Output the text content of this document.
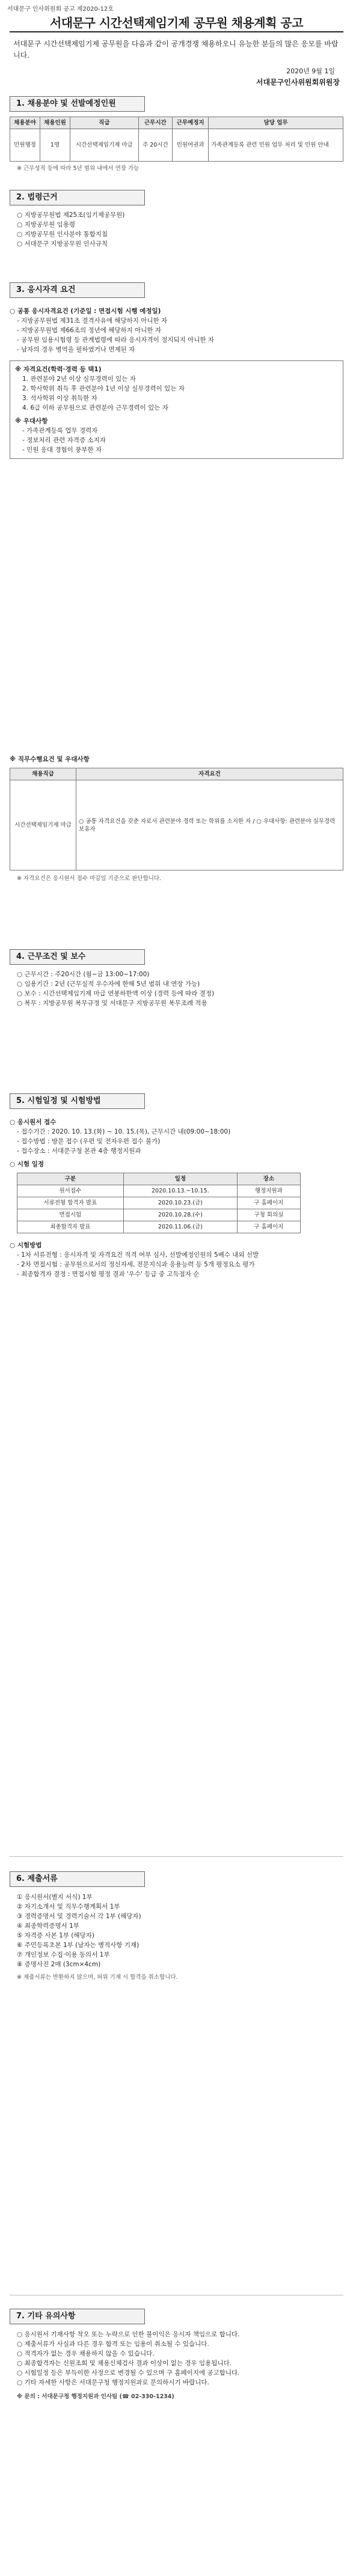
서대문구 인사위원회 공고 제2020-12호
서대문구 시간선택제임기제 공무원 채용계획 공고
서대문구 시간선택제임기제 공무원을 다음과 같이 공개경쟁 채용하오니 유능한 분들의 많은 응모를 바랍니다.
2020년 9월 1일
서대문구인사위원회위원장
1. 채용분야 및 선발예정인원
채용분야	채용인원	직급	근무시간	근무예정지	담당 업무
민원행정	1명	시간선택제임기제 마급	주 20시간	민원여권과	가족관계등록 관련 민원 업무 처리 및 민원 안내
※ 근무성적 등에 따라 5년 범위 내에서 연장 가능
2. 법령근거
○ 지방공무원법 제25조(임기제공무원)
○ 지방공무원 임용령
○ 지방공무원 인사분야 통합지침
○ 서대문구 지방공무원 인사규칙
3. 응시자격 요건
○ 공통 응시자격요건 (기준일 : 면접시험 시행 예정일)
- 지방공무원법 제31조 결격사유에 해당하지 아니한 자
- 지방공무원법 제66조의 정년에 해당하지 아니한 자
- 공무원 임용시험령 등 관계법령에 따라 응시자격이 정지되지 아니한 자
- 남자의 경우 병역을 필하였거나 면제된 자
※ 자격요건(학력·경력 등 택1)
1. 관련분야 2년 이상 실무경력이 있는 자
2. 학사학위 취득 후 관련분야 1년 이상 실무경력이 있는 자
3. 석사학위 이상 취득한 자
4. 6급 이하 공무원으로 관련분야 근무경력이 있는 자
※ 우대사항
- 가족관계등록 업무 경력자
- 정보처리 관련 자격증 소지자
- 민원 응대 경험이 풍부한 자
※ 직무수행요건 및 우대사항
채용직급	자격요건
시간선택제임기제 마급	○ 공통 자격요건을 갖춘 자로서 관련분야 경력 또는 학위를 소지한 자 / ○ 우대사항: 관련분야 실무경력 보유자
※ 자격요건은 응시원서 접수 마감일 기준으로 판단합니다.
4. 근무조건 및 보수
○ 근무시간 : 주20시간 (월~금 13:00~17:00)
○ 임용기간 : 2년 (근무실적 우수자에 한해 5년 범위 내 연장 가능)
○ 보수 : 시간선택제임기제 마급 연봉하한액 이상 (경력 등에 따라 결정)
○ 복무 : 지방공무원 복무규정 및 서대문구 지방공무원 복무조례 적용
5. 시험일정 및 시험방법
○ 응시원서 접수
- 접수기간 : 2020. 10. 13.(화) ~ 10. 15.(목), 근무시간 내(09:00~18:00)
- 접수방법 : 방문 접수 (우편 및 전자우편 접수 불가)
- 접수장소 : 서대문구청 본관 4층 행정지원과
○ 시험 일정
구분	일정	장소
원서접수	2020.10.13.~10.15.	행정지원과
서류전형 합격자 발표	2020.10.23.(금)	구 홈페이지
면접시험	2020.10.28.(수)	구청 회의실
최종합격자 발표	2020.11.06.(금)	구 홈페이지
○ 시험방법
- 1차 서류전형 : 응시자격 및 자격요건 적격 여부 심사, 선발예정인원의 5배수 내외 선발
- 2차 면접시험 : 공무원으로서의 정신자세, 전문지식과 응용능력 등 5개 평정요소 평가
- 최종합격자 결정 : 면접시험 평정 결과 '우수' 등급 중 고득점자 순
6. 제출서류
① 응시원서(별지 서식) 1부
② 자기소개서 및 직무수행계획서 1부
③ 경력증명서 및 경력기술서 각 1부 (해당자)
④ 최종학력증명서 1부
⑤ 자격증 사본 1부 (해당자)
⑥ 주민등록초본 1부 (남자는 병적사항 기재)
⑦ 개인정보 수집·이용 동의서 1부
⑧ 증명사진 2매 (3cm×4cm)
※ 제출서류는 반환하지 않으며, 허위 기재 시 합격을 취소합니다.
7. 기타 유의사항
○ 응시원서 기재사항 착오 또는 누락으로 인한 불이익은 응시자 책임으로 합니다.
○ 제출서류가 사실과 다른 경우 합격 또는 임용이 취소될 수 있습니다.
○ 적격자가 없는 경우 채용하지 않을 수 있습니다.
○ 최종합격자는 신원조회 및 채용신체검사 결과 이상이 없는 경우 임용됩니다.
○ 시험일정 등은 부득이한 사정으로 변경될 수 있으며 구 홈페이지에 공고합니다.
○ 기타 자세한 사항은 서대문구청 행정지원과로 문의하시기 바랍니다.
※ 문의 : 서대문구청 행정지원과 인사팀 (☎ 02-330-1234)
